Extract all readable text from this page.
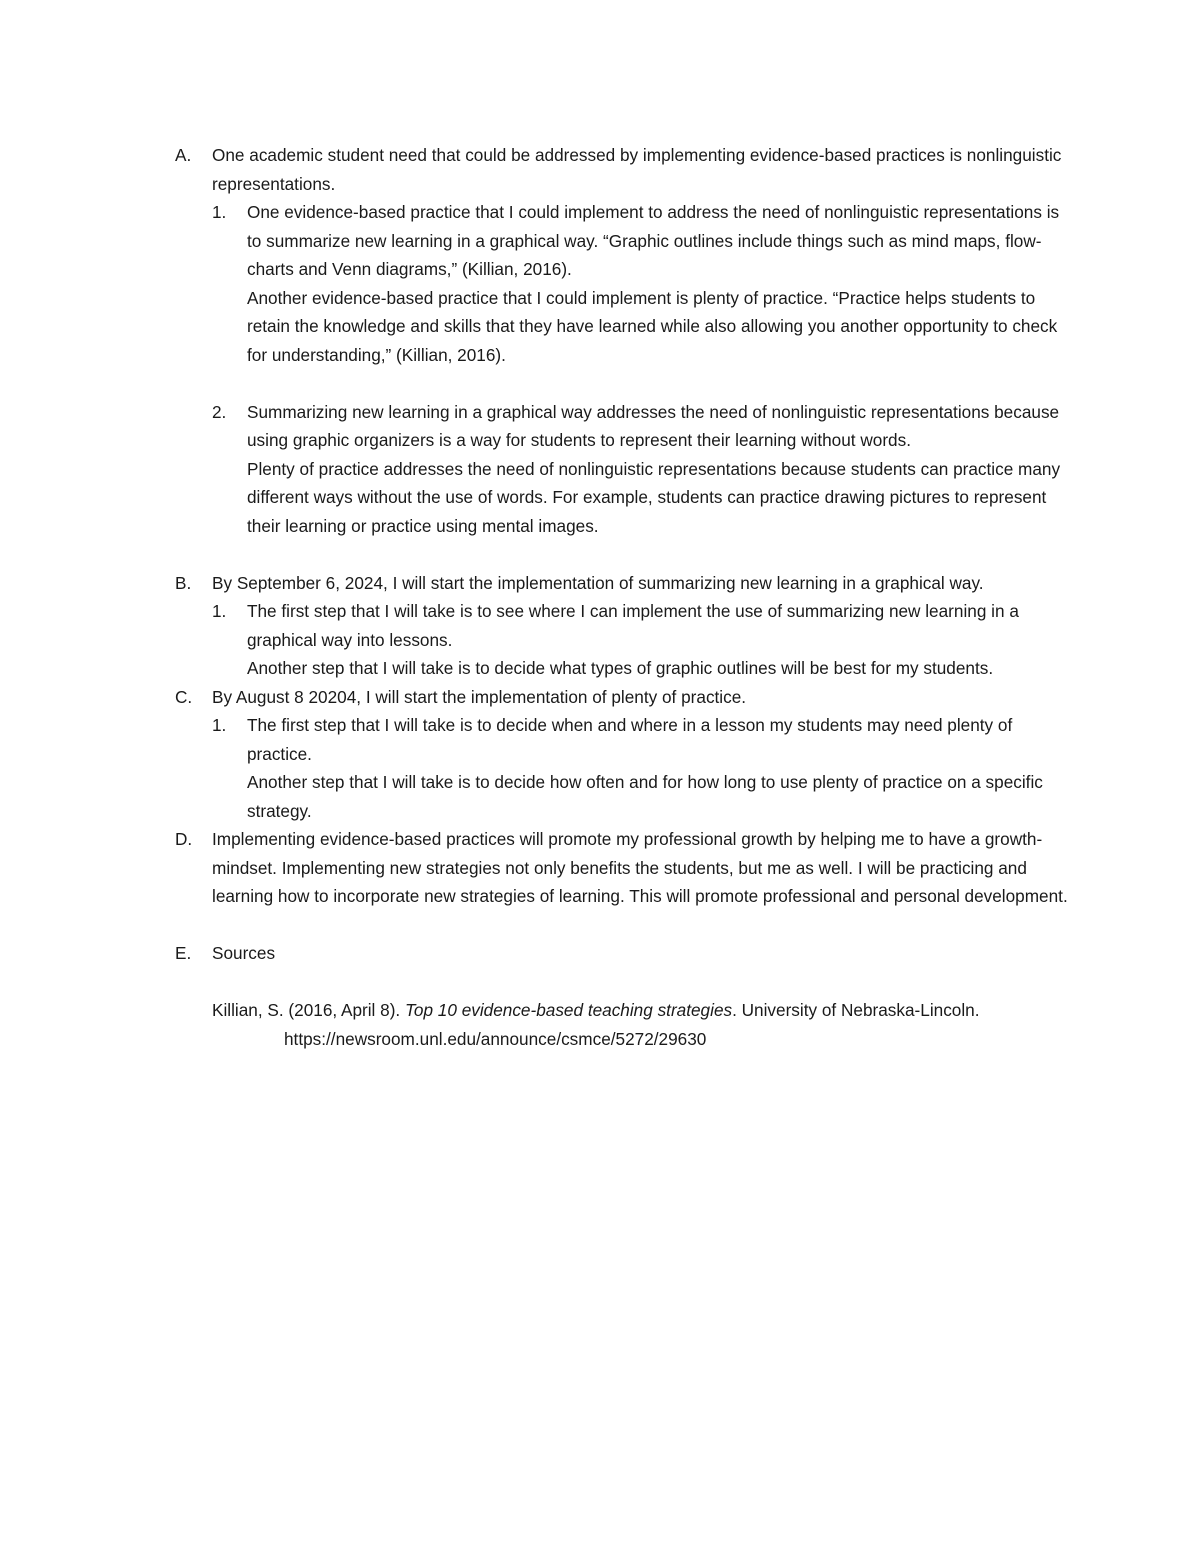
A. One academic student need that could be addressed by implementing evidence-based practices is nonlinguistic representations.

1. One evidence-based practice that I could implement to address the need of nonlinguistic representations is to summarize new learning in a graphical way. “Graphic outlines include things such as mind maps, flow-charts and Venn diagrams,” (Killian, 2016).

Another evidence-based practice that I could implement is plenty of practice. “Practice helps students to retain the knowledge and skills that they have learned while also allowing you another opportunity to check for understanding,” (Killian, 2016).

2. Summarizing new learning in a graphical way addresses the need of nonlinguistic representations because using graphic organizers is a way for students to represent their learning without words.

Plenty of practice addresses the need of nonlinguistic representations because students can practice many different ways without the use of words. For example, students can practice drawing pictures to represent their learning or practice using mental images.

B. By September 6, 2024, I will start the implementation of summarizing new learning in a graphical way.

1. The first step that I will take is to see where I can implement the use of summarizing new learning in a graphical way into lessons.

Another step that I will take is to decide what types of graphic outlines will be best for my students.

C. By August 8 20204, I will start the implementation of plenty of practice.

1. The first step that I will take is to decide when and where in a lesson my students may need plenty of practice.

Another step that I will take is to decide how often and for how long to use plenty of practice on a specific strategy.

D. Implementing evidence-based practices will promote my professional growth by helping me to have a growth-mindset. Implementing new strategies not only benefits the students, but me as well. I will be practicing and learning how to incorporate new strategies of learning. This will promote professional and personal development.

E. Sources

Killian, S. (2016, April 8). Top 10 evidence-based teaching strategies. University of Nebraska-Lincoln. https://newsroom.unl.edu/announce/csmce/5272/29630
